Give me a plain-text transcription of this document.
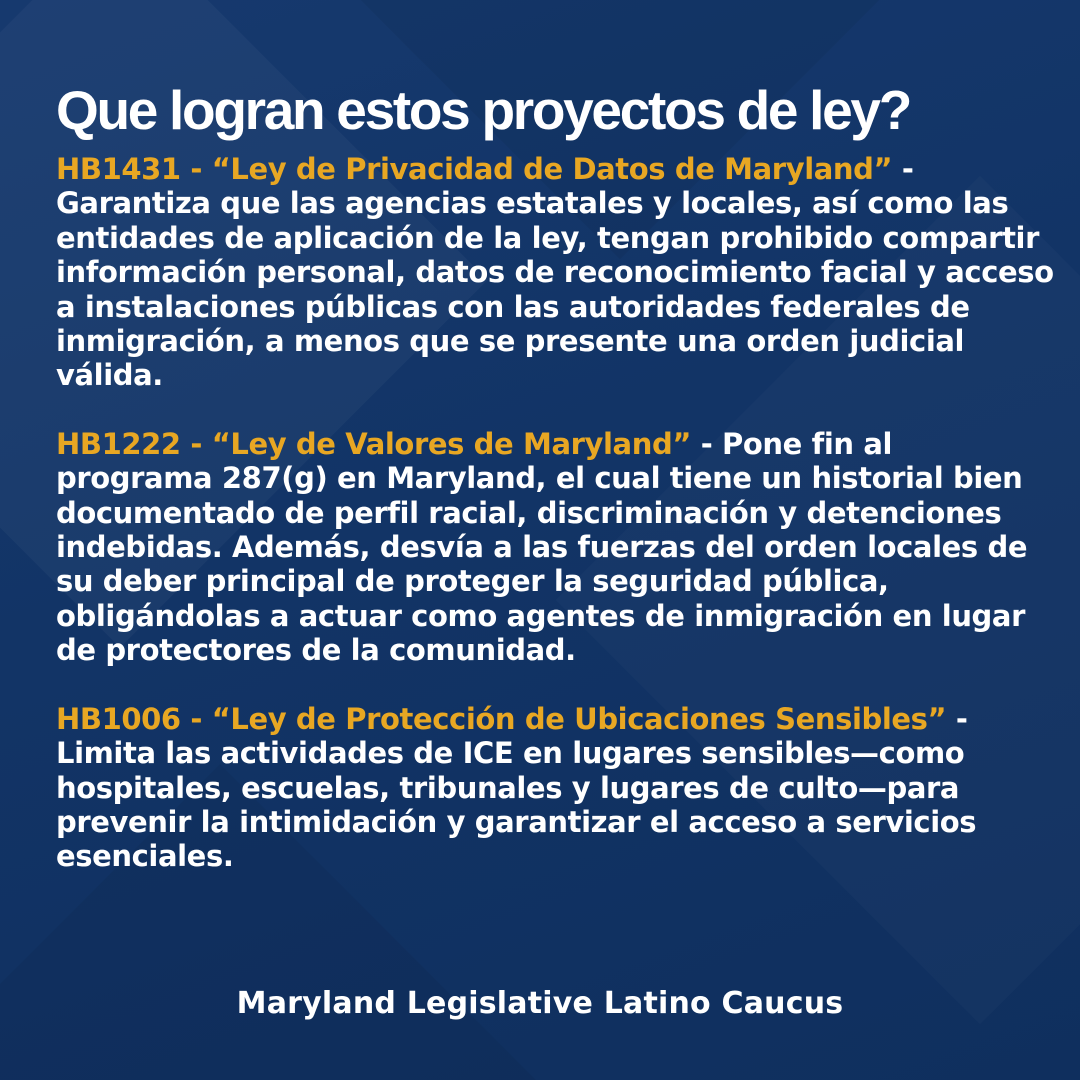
Que logran estos proyectos de ley?

HB1431 - “Ley de Privacidad de Datos de Maryland” - Garantiza que las agencias estatales y locales, así como las entidades de aplicación de la ley, tengan prohibido compartir información personal, datos de reconocimiento facial y acceso a instalaciones públicas con las autoridades federales de inmigración, a menos que se presente una orden judicial válida.

HB1222 - “Ley de Valores de Maryland” - Pone fin al programa 287(g) en Maryland, el cual tiene un historial bien documentado de perfil racial, discriminación y detenciones indebidas. Además, desvía a las fuerzas del orden locales de su deber principal de proteger la seguridad pública, obligándolas a actuar como agentes de inmigración en lugar de protectores de la comunidad.

HB1006 - “Ley de Protección de Ubicaciones Sensibles” - Limita las actividades de ICE en lugares sensibles—como hospitales, escuelas, tribunales y lugares de culto—para prevenir la intimidación y garantizar el acceso a servicios esenciales.

Maryland Legislative Latino Caucus
